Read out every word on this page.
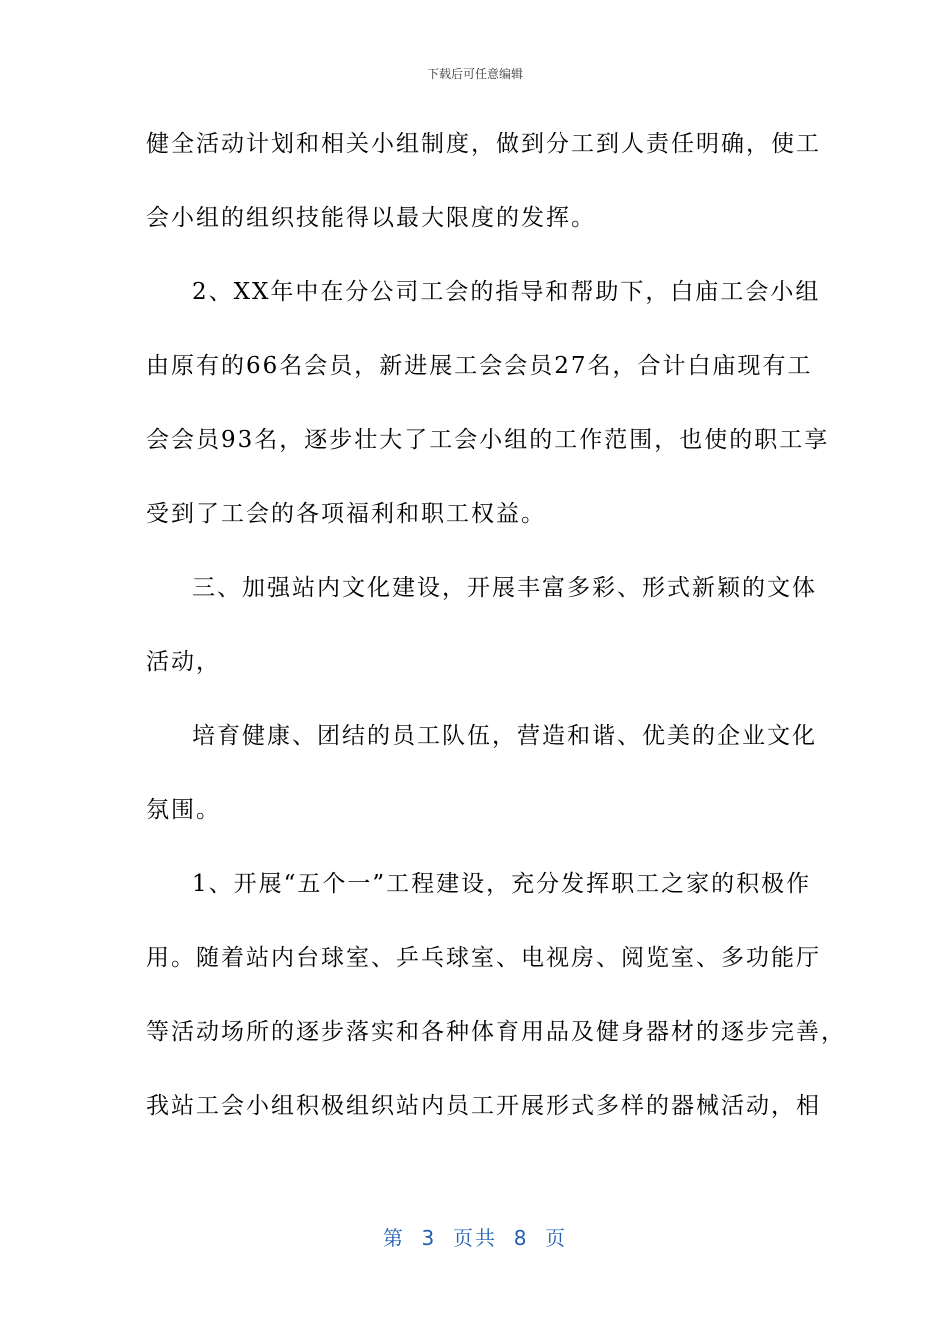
下载后可任意编辑
健全活动计划和相关小组制度，做到分工到人责任明确，使工
会小组的组织技能得以最大限度的发挥。
2、XX年中在分公司工会的指导和帮助下，白庙工会小组
由原有的66名会员，新进展工会会员27名，合计白庙现有工
会会员93名，逐步壮大了工会小组的工作范围，也使的职工享
受到了工会的各项福利和职工权益。
三、加强站内文化建设，开展丰富多彩、形式新颖的文体
活动，
培育健康、团结的员工队伍，营造和谐、优美的企业文化
氛围。
1、开展“五个一”工程建设，充分发挥职工之家的积极作
用。随着站内台球室、乒乓球室、电视房、阅览室、多功能厅
等活动场所的逐步落实和各种体育用品及健身器材的逐步完善，
我站工会小组积极组织站内员工开展形式多样的器械活动，相
第  3  页共  8  页
